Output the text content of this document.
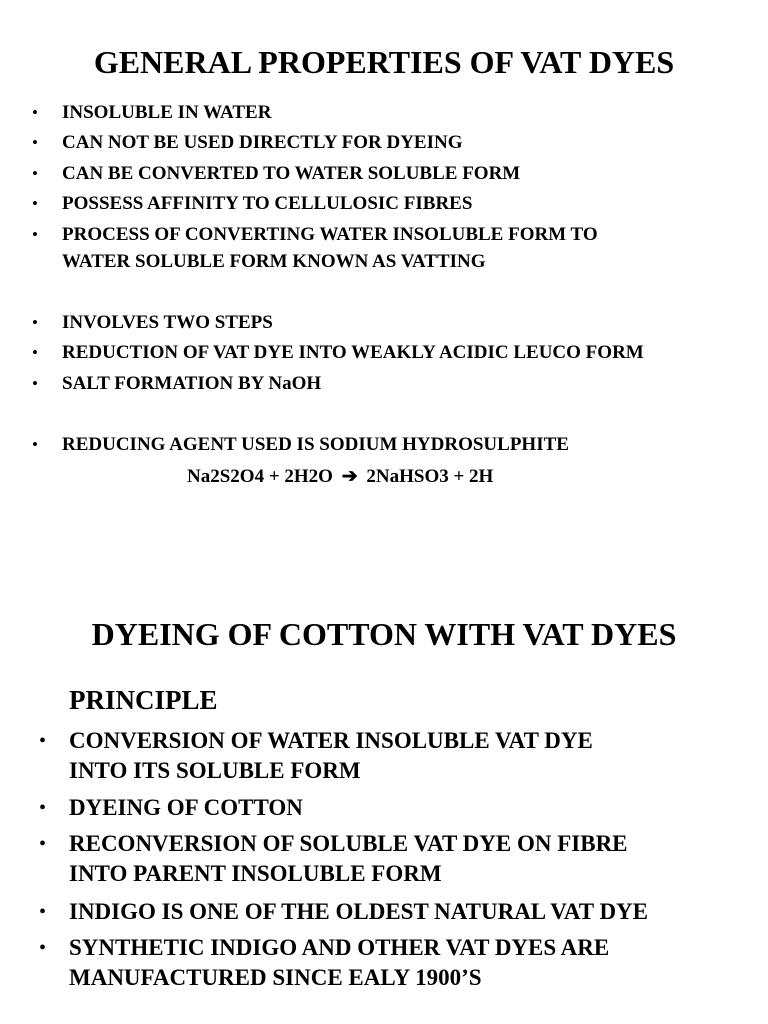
GENERAL PROPERTIES OF VAT DYES
• INSOLUBLE IN WATER
• CAN NOT BE USED DIRECTLY FOR DYEING
• CAN BE CONVERTED TO WATER SOLUBLE FORM
• POSSESS AFFINITY TO CELLULOSIC FIBRES
• PROCESS OF CONVERTING WATER INSOLUBLE FORM TO
WATER SOLUBLE FORM KNOWN AS VATTING
• INVOLVES TWO STEPS
• REDUCTION OF VAT DYE INTO WEAKLY ACIDIC LEUCO FORM
• SALT FORMATION BY NaOH
• REDUCING AGENT USED IS SODIUM HYDROSULPHITE
Na2S2O4 + 2H2O ➔ 2NaHSO3 + 2H
DYEING OF COTTON WITH VAT DYES
PRINCIPLE
• CONVERSION OF WATER INSOLUBLE VAT DYE
INTO ITS SOLUBLE FORM
• DYEING OF COTTON
• RECONVERSION OF SOLUBLE VAT DYE ON FIBRE
INTO PARENT INSOLUBLE FORM
• INDIGO IS ONE OF THE OLDEST NATURAL VAT DYE
• SYNTHETIC INDIGO AND OTHER VAT DYES ARE
MANUFACTURED SINCE EALY 1900’S
